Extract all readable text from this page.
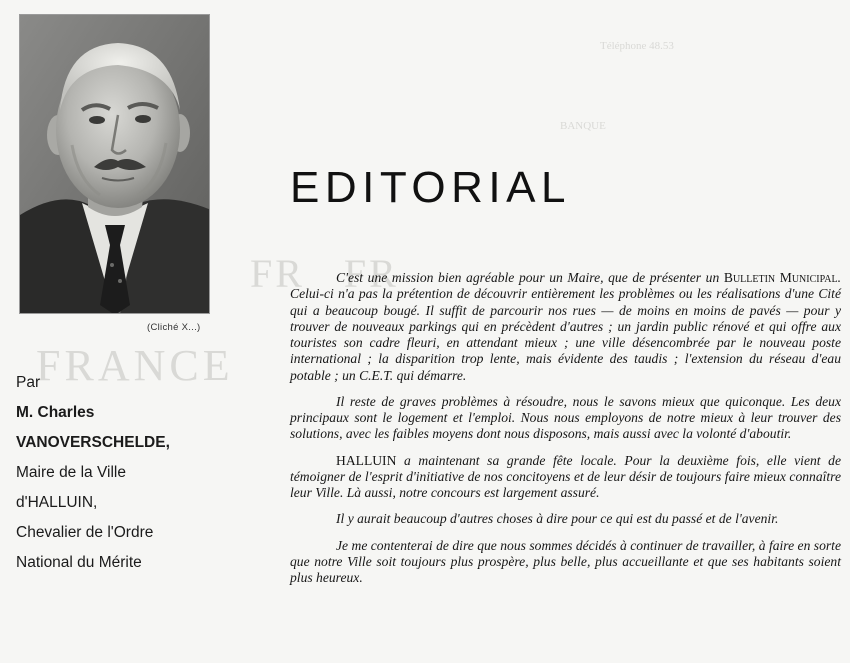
FR   FR
FRANCE
Téléphone 48.53
BANQUE
(Cliché X...)
Par
M. Charles
VANOVERSCHELDE,
Maire de la Ville
d'HALLUIN,
Chevalier de l'Ordre
National du Mérite
EDITORIAL

C'est une mission bien agréable pour un Maire, que de présenter un Bulletin Municipal. Celui-ci n'a pas la prétention de découvrir entièrement les problèmes ou les réalisations d'une Cité qui a beaucoup bougé. Il suffit de parcourir nos rues — de moins en moins de pavés — pour y trouver de nouveaux parkings qui en précèdent d'autres ; un jardin public rénové et qui offre aux touristes son cadre fleuri, en attendant mieux ; une ville désencombrée par le nouveau poste international ; la disparition trop lente, mais évidente des taudis ; l'extension du réseau d'eau potable ; un C.E.T. qui démarre.

Il reste de graves problèmes à résoudre, nous le savons mieux que quiconque. Les deux principaux sont le logement et l'emploi. Nous nous employons de notre mieux à leur trouver des solutions, avec les faibles moyens dont nous disposons, mais aussi avec la volonté d'aboutir.

HALLUIN a maintenant sa grande fête locale. Pour la deuxième fois, elle vient de témoigner de l'esprit d'initiative de nos concitoyens et de leur désir de toujours faire mieux connaître leur Ville. Là aussi, notre concours est largement assuré.

Il y aurait beaucoup d'autres choses à dire pour ce qui est du passé et de l'avenir.

Je me contenterai de dire que nous sommes décidés à continuer de travailler, à faire en sorte que notre Ville soit toujours plus prospère, plus belle, plus accueillante et que ses habitants soient plus heureux.
